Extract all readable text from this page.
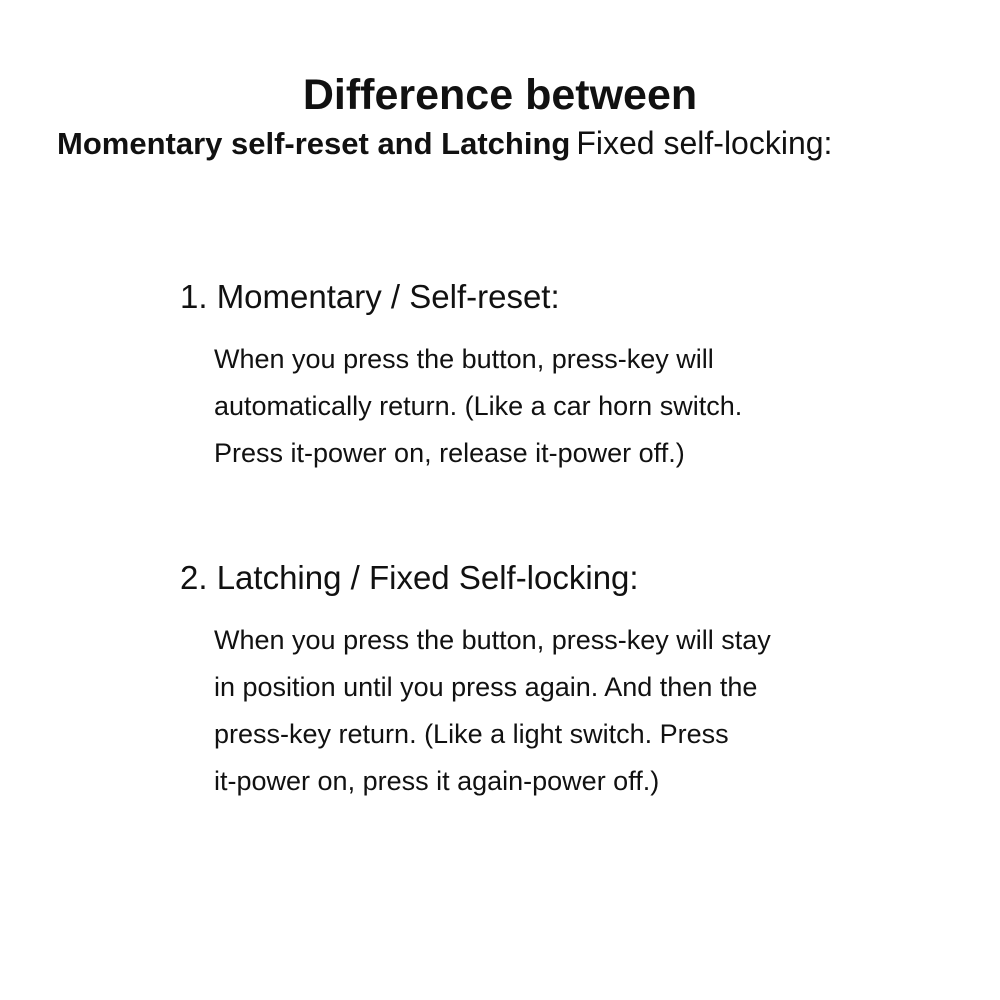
Difference between

Momentary self-reset and Latching Fixed self-locking:

1. Momentary / Self-reset:
When you press the button, press-key will
automatically return. (Like a car horn switch.
Press it-power on, release it-power off.)
2. Latching / Fixed Self-locking:
When you press the button, press-key will stay
in position until you press again. And then the
press-key return. (Like a light switch. Press
it-power on, press it again-power off.)
